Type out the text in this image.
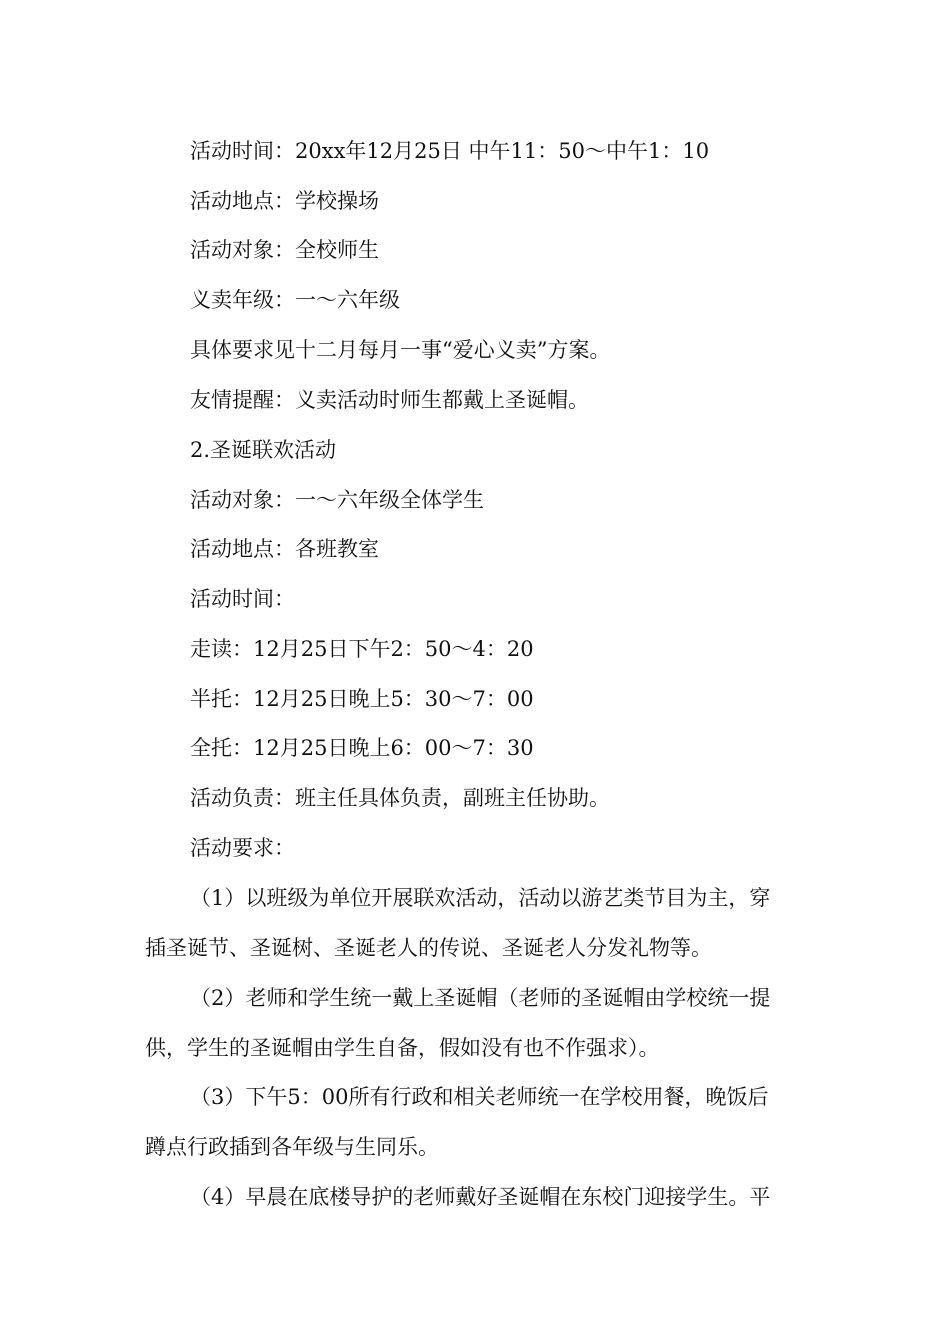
活动时间：20xx年12月25日 中午11：50～中午1：10

活动地点：学校操场

活动对象：全校师生

义卖年级：一～六年级

具体要求见十二月每月一事“爱心义卖”方案。

友情提醒：义卖活动时师生都戴上圣诞帽。

2.圣诞联欢活动

活动对象：一～六年级全体学生

活动地点：各班教室

活动时间：

走读：12月25日下午2：50～4：20

半托：12月25日晚上5：30～7：00

全托：12月25日晚上6：00～7：30

活动负责：班主任具体负责，副班主任协助。

活动要求：

（1）以班级为单位开展联欢活动，活动以游艺类节目为主，穿
插圣诞节、圣诞树、圣诞老人的传说、圣诞老人分发礼物等。
（2）老师和学生统一戴上圣诞帽（老师的圣诞帽由学校统一提
供，学生的圣诞帽由学生自备，假如没有也不作强求）。
（3）下午5：00所有行政和相关老师统一在学校用餐，晚饭后
蹲点行政插到各年级与生同乐。
（4）早晨在底楼导护的老师戴好圣诞帽在东校门迎接学生。平
